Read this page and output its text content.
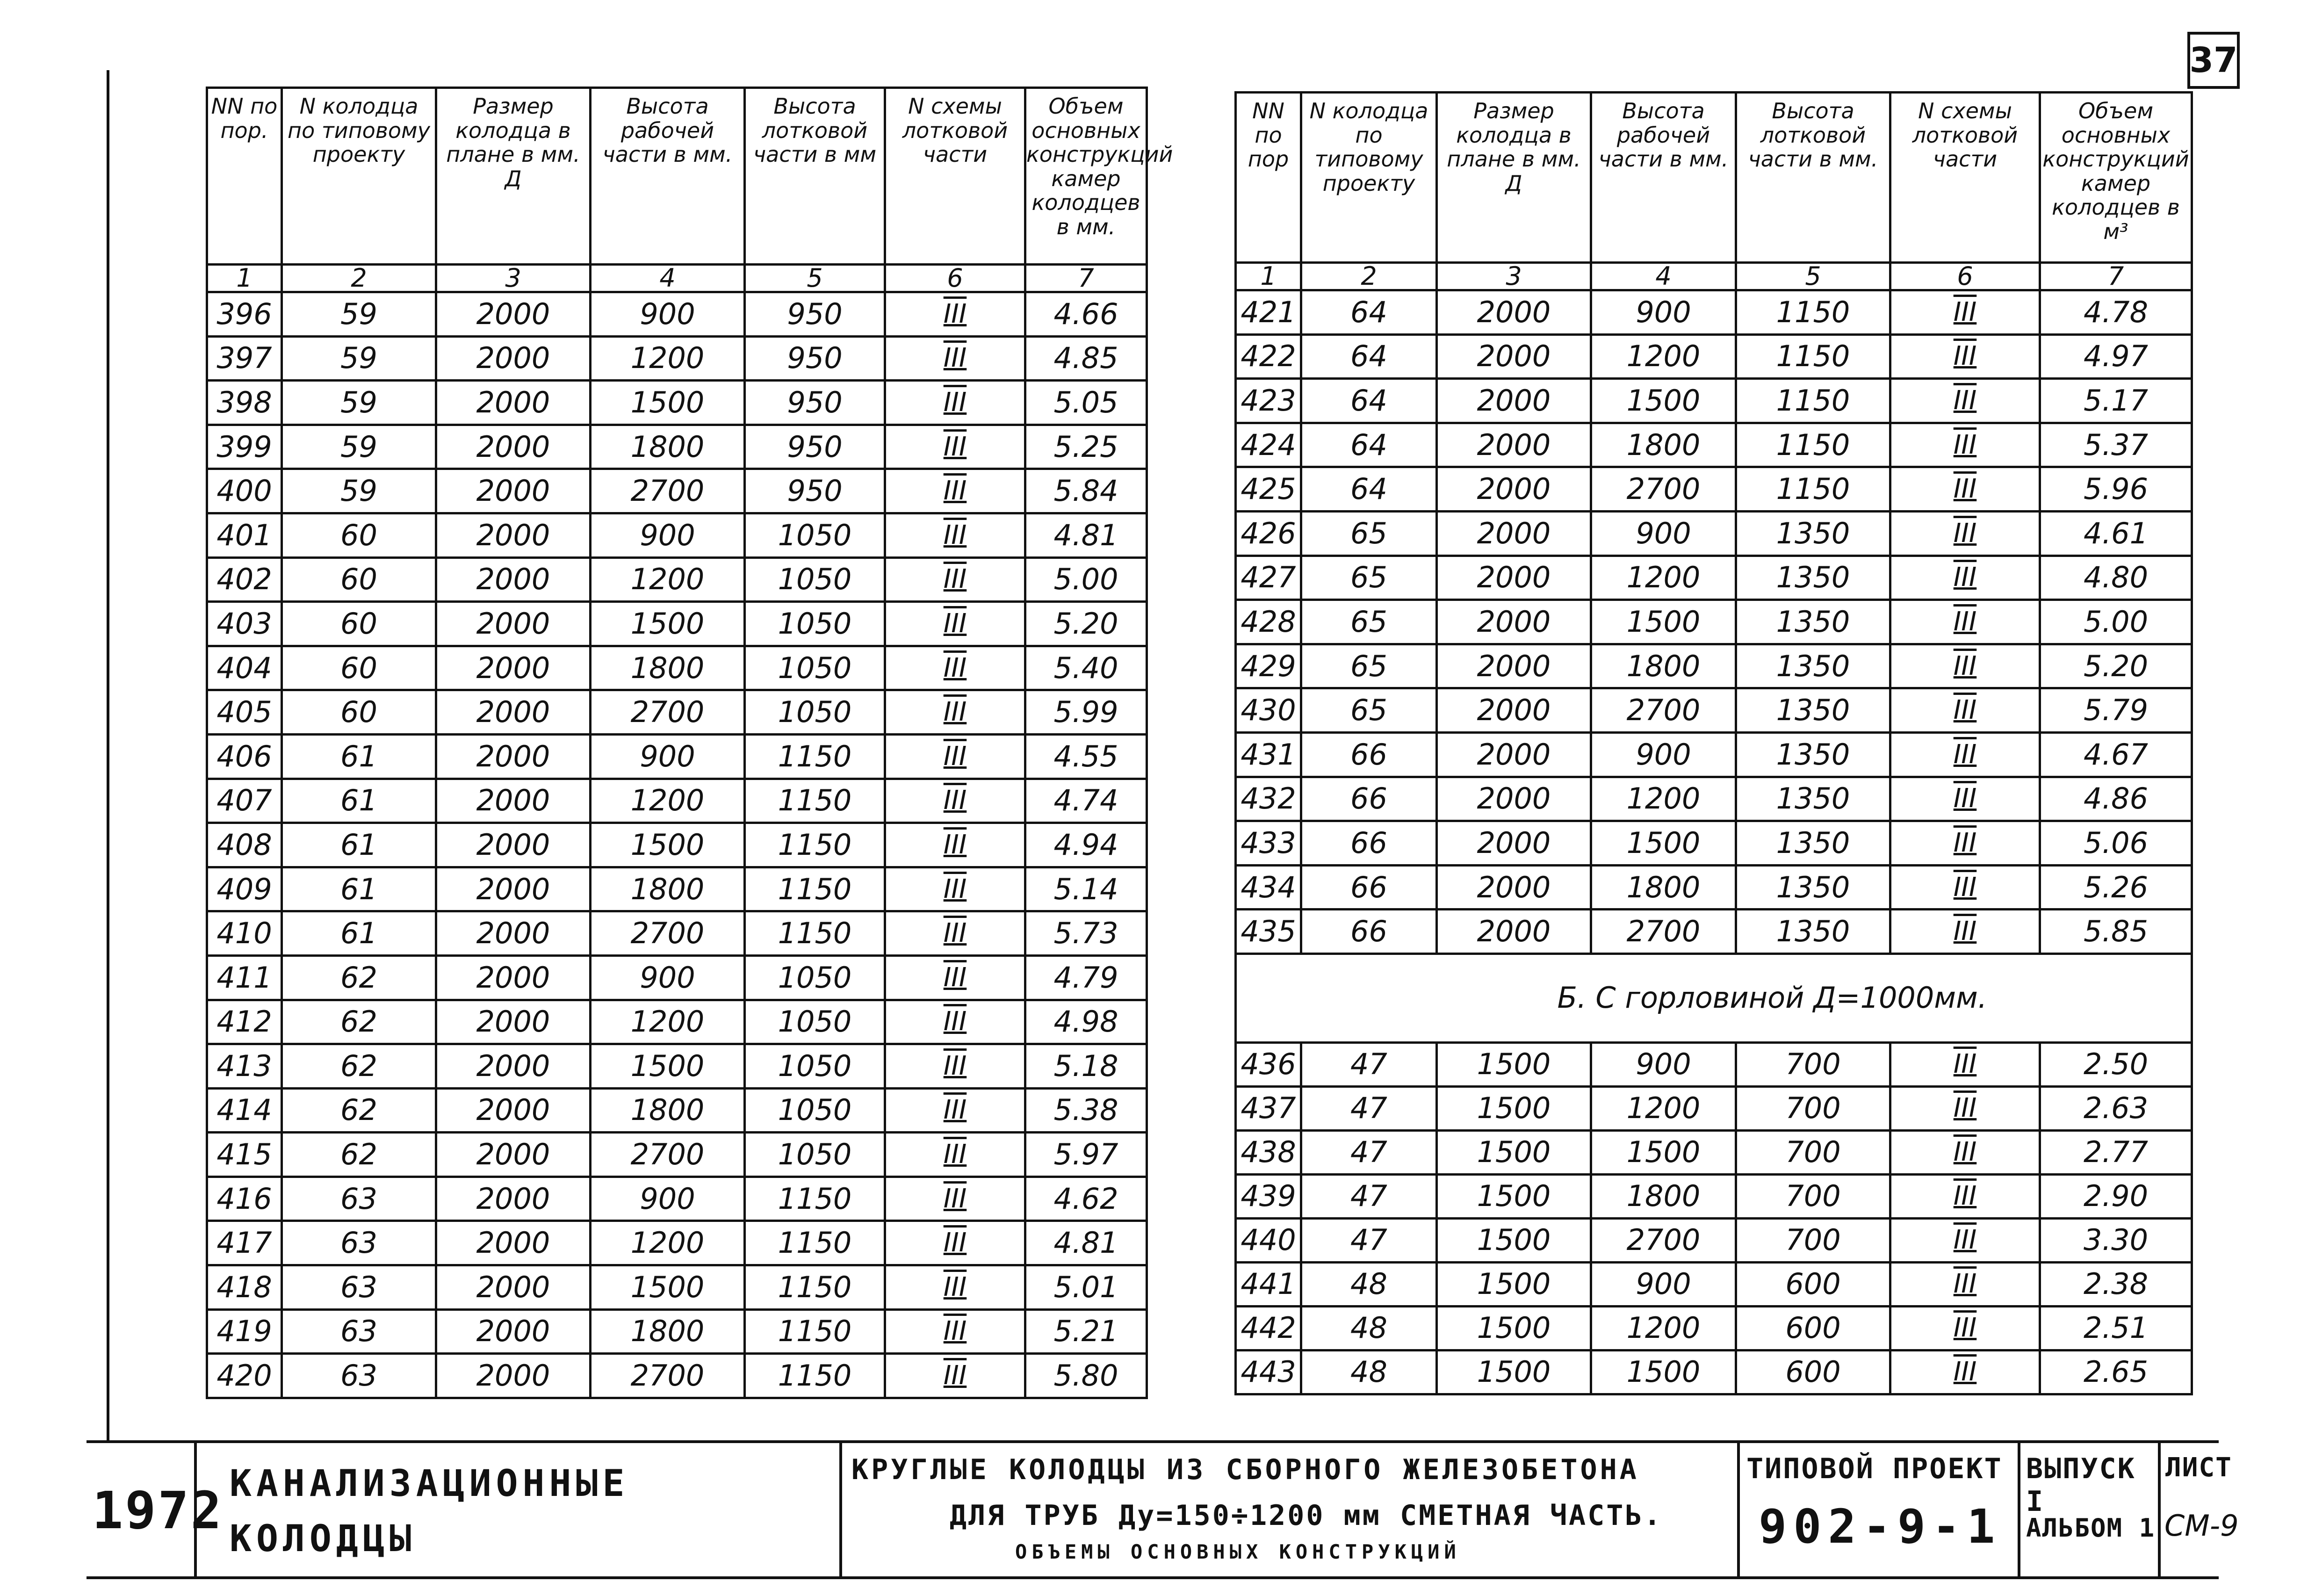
37
NN по пор.	N колодца по типовому проекту	Размер колодца в плане в мм. Д	Высота рабочей части в мм.	Высота лотковой части в мм	N схемы лотковой части	Объем основных конструкций камер колодцев в мм.
1	2	3	4	5	6	7
396	59	2000	900	950	III	4.66
397	59	2000	1200	950	III	4.85
398	59	2000	1500	950	III	5.05
399	59	2000	1800	950	III	5.25
400	59	2000	2700	950	III	5.84
401	60	2000	900	1050	III	4.81
402	60	2000	1200	1050	III	5.00
403	60	2000	1500	1050	III	5.20
404	60	2000	1800	1050	III	5.40
405	60	2000	2700	1050	III	5.99
406	61	2000	900	1150	III	4.55
407	61	2000	1200	1150	III	4.74
408	61	2000	1500	1150	III	4.94
409	61	2000	1800	1150	III	5.14
410	61	2000	2700	1150	III	5.73
411	62	2000	900	1050	III	4.79
412	62	2000	1200	1050	III	4.98
413	62	2000	1500	1050	III	5.18
414	62	2000	1800	1050	III	5.38
415	62	2000	2700	1050	III	5.97
416	63	2000	900	1150	III	4.62
417	63	2000	1200	1150	III	4.81
418	63	2000	1500	1150	III	5.01
419	63	2000	1800	1150	III	5.21
420	63	2000	2700	1150	III	5.80
NN по пор	N колодца по типовому проекту	Размер колодца в плане в мм. Д	Высота рабочей части в мм.	Высота лотковой части в мм.	N схемы лотковой части	Объем основных конструкций камер колодцев в м³
1	2	3	4	5	6	7
421	64	2000	900	1150	III	4.78
422	64	2000	1200	1150	III	4.97
423	64	2000	1500	1150	III	5.17
424	64	2000	1800	1150	III	5.37
425	64	2000	2700	1150	III	5.96
426	65	2000	900	1350	III	4.61
427	65	2000	1200	1350	III	4.80
428	65	2000	1500	1350	III	5.00
429	65	2000	1800	1350	III	5.20
430	65	2000	2700	1350	III	5.79
431	66	2000	900	1350	III	4.67
432	66	2000	1200	1350	III	4.86
433	66	2000	1500	1350	III	5.06
434	66	2000	1800	1350	III	5.26
435	66	2000	2700	1350	III	5.85
Б. С горловиной Д=1000мм.						
436	47	1500	900	700	III	2.50
437	47	1500	1200	700	III	2.63
438	47	1500	1500	700	III	2.77
439	47	1500	1800	700	III	2.90
440	47	1500	2700	700	III	3.30
441	48	1500	900	600	III	2.38
442	48	1500	1200	600	III	2.51
443	48	1500	1500	600	III	2.65
1972 КАНАЛИЗАЦИОННЫЕ
КОЛОДЦЫ
КРУГЛЫЕ КОЛОДЦЫ ИЗ СБОРНОГО ЖЕЛЕЗОБЕТОНА
ДЛЯ ТРУБ Ду=150÷1200 мм СМЕТНАЯ ЧАСТЬ.
ОБЪЕМЫ ОСНОВНЫХ КОНСТРУКЦИЙ
ТИПОВОЙ ПРОЕКТ
902-9-1
ВЫПУСК I
АЛЬБОМ 1
ЛИСТ
СМ-9
